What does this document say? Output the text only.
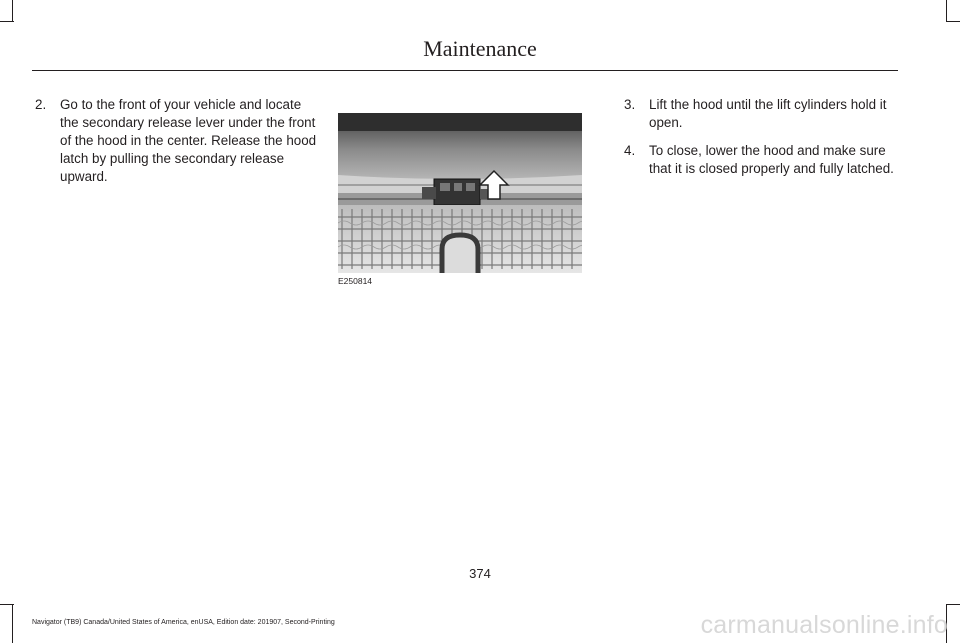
Maintenance
2. Go to the front of your vehicle and locate the secondary release lever under the front of the hood in the center. Release the hood latch by pulling the secondary release upward.
E250814
3. Lift the hood until the lift cylinders hold it open.
4. To close, lower the hood and make sure that it is closed properly and fully latched.
374
Navigator (TB9) Canada/United States of America, enUSA, Edition date: 201907, Second-Printing	carmanualsonline.info
